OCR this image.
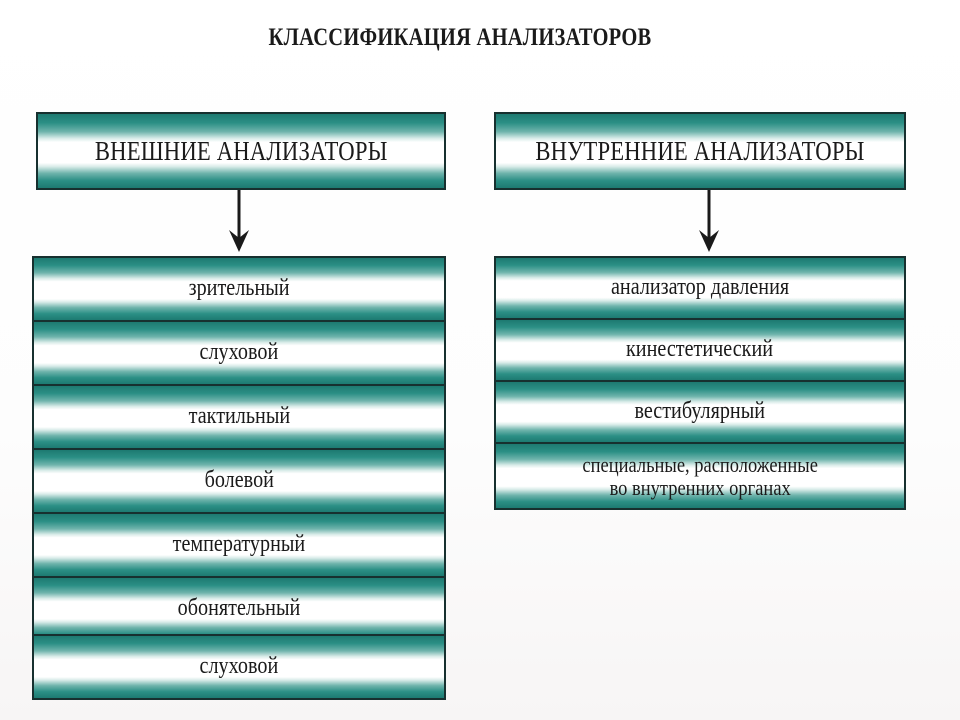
КЛАССИФИКАЦИЯ АНАЛИЗАТОРОВ
ВНЕШНИЕ АНАЛИЗАТОРЫ
зрительный
слуховой
тактильный
болевой
температурный
обонятельный
слуховой
ВНУТРЕННИЕ АНАЛИЗАТОРЫ
анализатор давления
кинестетический
вестибулярный
специальные, расположенные
во внутренних органах
